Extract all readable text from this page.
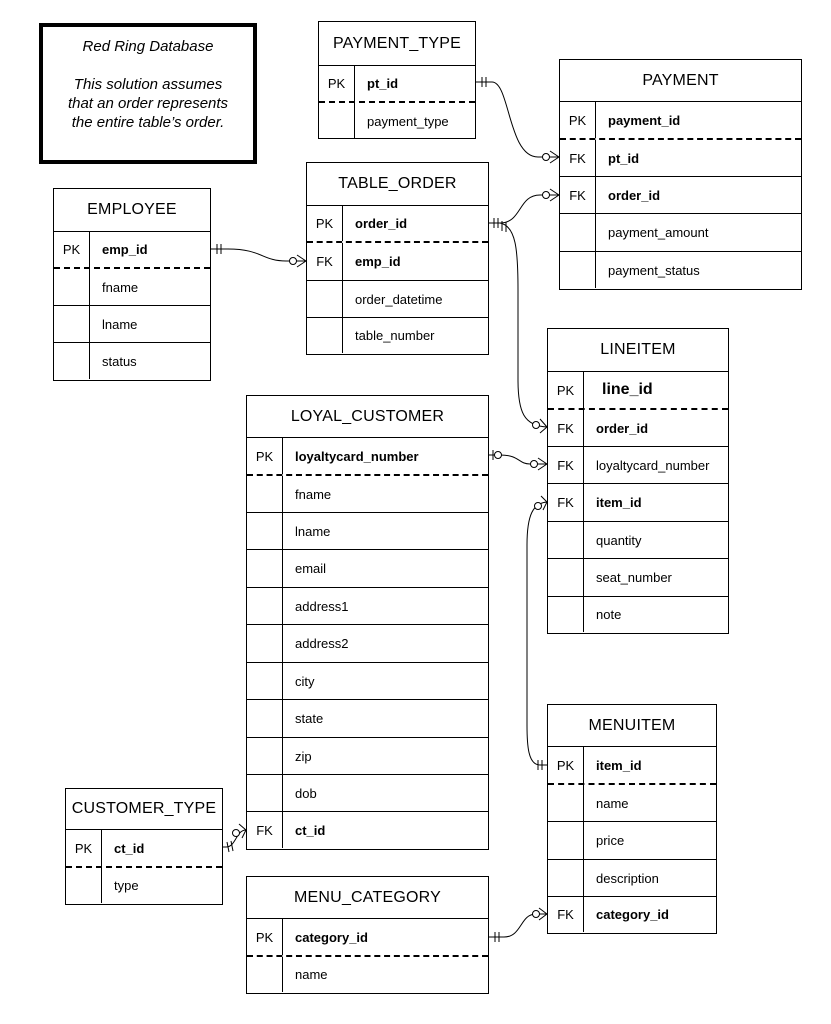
Red Ring Database
This solution assumes
that an order represents
the entire table’s order.
PAYMENT_TYPE
PK	pt_id
payment_type
PAYMENT
PK	payment_id
FK	pt_id
FK	order_id
payment_amount
payment_status
TABLE_ORDER
PK	order_id
FK	emp_id
order_datetime
table_number
EMPLOYEE
PK	emp_id
fname
lname
status
LINEITEM
PK	line_id
FK	order_id
FK	loyaltycard_number
FK	item_id
quantity
seat_number
note
LOYAL_CUSTOMER
PK	loyaltycard_number
fname
lname
email
address1
address2
city
state
zip
dob
FK	ct_id
MENUITEM
PK	item_id
name
price
description
FK	category_id
CUSTOMER_TYPE
PK	ct_id
type
MENU_CATEGORY
PK	category_id
name
